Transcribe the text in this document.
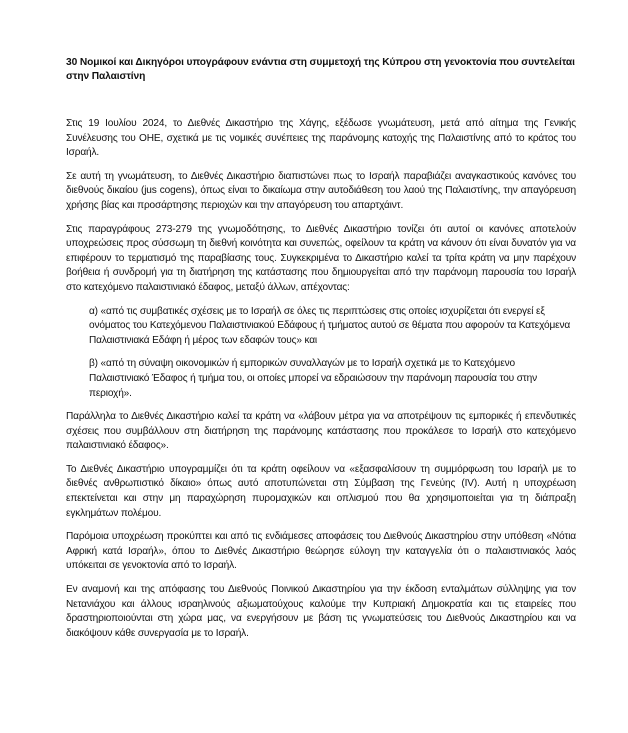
30 Νομικοί και Δικηγόροι υπογράφουν ενάντια στη συμμετοχή της Κύπρου στη γενοκτονία που συντελείται στην Παλαιστίνη

Στις 19 Ιουλίου 2024, το Διεθνές Δικαστήριο της Χάγης, εξέδωσε γνωμάτευση, μετά από αίτημα της Γενικής Συνέλευσης του ΟΗΕ, σχετικά με τις νομικές συνέπειες της παράνομης κατοχής της Παλαιστίνης από το κράτος του Ισραήλ.

Σε αυτή τη γνωμάτευση, το Διεθνές Δικαστήριο διαπιστώνει πως το Ισραήλ παραβιάζει αναγκαστικούς κανόνες του διεθνούς δικαίου (jus cogens), όπως είναι το δικαίωμα στην αυτοδιάθεση του λαού της Παλαιστίνης, την απαγόρευση χρήσης βίας και προσάρτησης περιοχών και την απαγόρευση του απαρτχάιντ.

Στις παραγράφους 273-279 της γνωμοδότησης, το Διεθνές Δικαστήριο τονίζει ότι αυτοί οι κανόνες αποτελούν υποχρεώσεις προς σύσσωμη τη διεθνή κοινότητα και συνεπώς, οφείλουν τα κράτη να κάνουν ότι είναι δυνατόν για να επιφέρουν το τερματισμό της παραβίασης τους. Συγκεκριμένα το Δικαστήριο καλεί τα τρίτα κράτη να μην παρέχουν βοήθεια ή συνδρομή για τη διατήρηση της κατάστασης που δημιουργείται από την παράνομη παρουσία του Ισραήλ στο κατεχόμενο παλαιστινιακό έδαφος, μεταξύ άλλων, απέχοντας:

α) «από τις συμβατικές σχέσεις με το Ισραήλ σε όλες τις περιπτώσεις στις οποίες ισχυρίζεται ότι ενεργεί εξ ονόματος του Κατεχόμενου Παλαιστινιακού Εδάφους ή τμήματος αυτού σε θέματα που αφορούν τα Κατεχόμενα Παλαιστινιακά Εδάφη ή μέρος των εδαφών τους» και

β) «από τη σύναψη οικονομικών ή εμπορικών συναλλαγών με το Ισραήλ σχετικά με το Κατεχόμενο Παλαιστινιακό Έδαφος ή τμήμα του, οι οποίες μπορεί να εδραιώσουν την παράνομη παρουσία του στην περιοχή».

Παράλληλα το Διεθνές Δικαστήριο καλεί τα κράτη να «λάβουν μέτρα για να αποτρέψουν τις εμπορικές ή επενδυτικές σχέσεις που συμβάλλουν στη διατήρηση της παράνομης κατάστασης που προκάλεσε το Ισραήλ στο κατεχόμενο παλαιστινιακό έδαφος».

Το Διεθνές Δικαστήριο υπογραμμίζει ότι τα κράτη οφείλουν να «εξασφαλίσουν τη συμμόρφωση του Ισραήλ με το διεθνές ανθρωπιστικό δίκαιο» όπως αυτό αποτυπώνεται στη Σύμβαση της Γενεύης (IV). Αυτή η υποχρέωση επεκτείνεται και στην μη παραχώρηση πυρομαχικών και οπλισμού που θα χρησιμοποιείται για τη διάπραξη εγκλημάτων πολέμου.

Παρόμοια υποχρέωση προκύπτει και από τις ενδιάμεσες αποφάσεις του Διεθνούς Δικαστηρίου στην υπόθεση «Νότια Αφρική κατά Ισραήλ», όπου το Διεθνές Δικαστήριο θεώρησε εύλογη την καταγγελία ότι ο παλαιστινιακός λαός υπόκειται σε γενοκτονία από το Ισραήλ.

Εν αναμονή και της απόφασης του Διεθνούς Ποινικού Δικαστηρίου για την έκδοση ενταλμάτων σύλληψης για τον Νετανιάχου και άλλους ισραηλινούς αξιωματούχους καλούμε την Κυπριακή Δημοκρατία και τις εταιρείες που δραστηριοποιούνται στη χώρα μας, να ενεργήσουν με βάση τις γνωματεύσεις του Διεθνούς Δικαστηρίου και να διακόψουν κάθε συνεργασία με το Ισραήλ.
